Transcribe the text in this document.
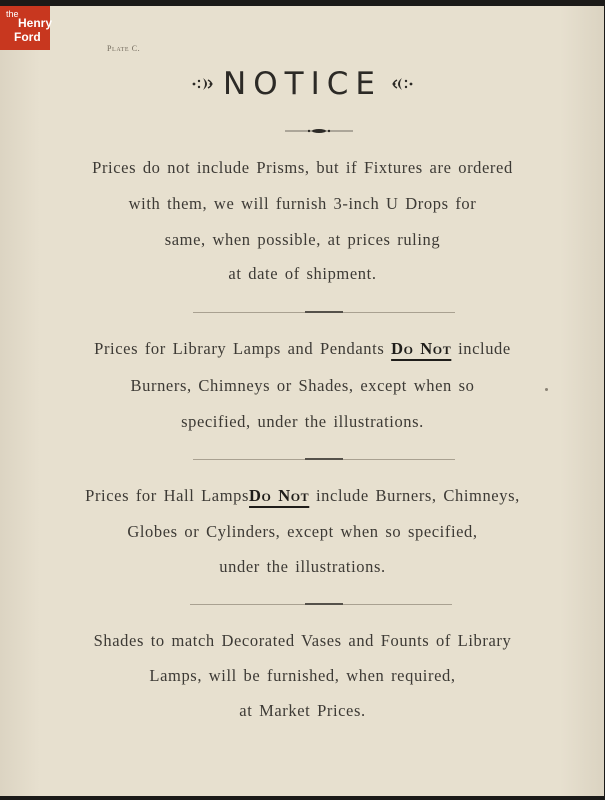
the
Henry
Ford
Plate C.
NOTICE
Prices do not include Prisms, but if Fixtures are ordered
with them, we will furnish 3-inch U Drops for
same, when possible, at prices ruling
at date of shipment.
Prices for Library Lamps and Pendants Do Not include
Burners, Chimneys or Shades, except when so
specified, under the illustrations.
Prices for Hall LampsDo Not include Burners, Chimneys,
Globes or Cylinders, except when so specified,
under the illustrations.
Shades to match Decorated Vases and Founts of Library
Lamps, will be furnished, when required,
at Market Prices.
